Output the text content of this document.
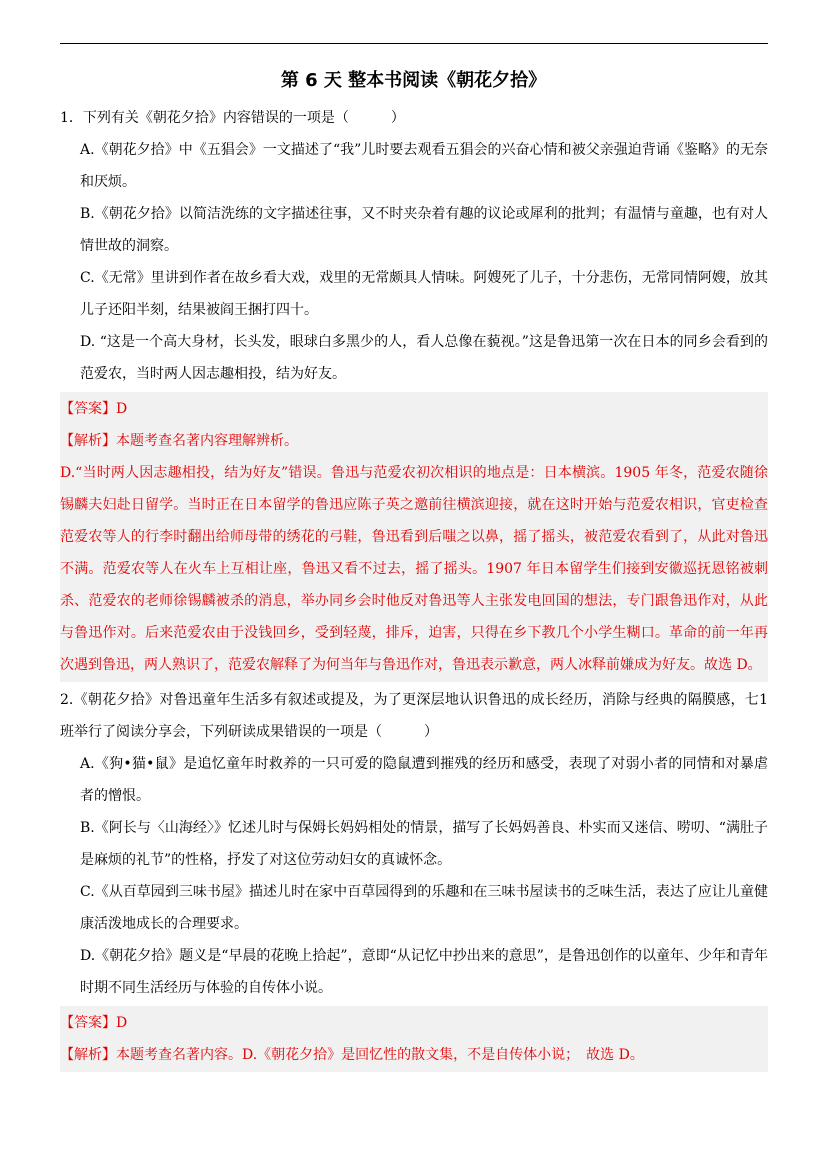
第 6 天 整本书阅读《朝花夕拾》

1．下列有关《朝花夕拾》内容错误的一项是（　　　）

A.《朝花夕拾》中《五猖会》一文描述了“我”儿时要去观看五猖会的兴奋心情和被父亲强迫背诵《鉴略》的无奈和厌烦。

B.《朝花夕拾》以简洁洗练的文字描述往事，又不时夹杂着有趣的议论或犀利的批判；有温情与童趣，也有对人情世故的洞察。

C.《无常》里讲到作者在故乡看大戏，戏里的无常颇具人情味。阿嫂死了儿子，十分悲伤，无常同情阿嫂，放其儿子还阳半刻，结果被阎王捆打四十。

D. “这是一个高大身材，长头发，眼球白多黑少的人，看人总像在藐视。”这是鲁迅第一次在日本的同乡会看到的范爱农，当时两人因志趣相投，结为好友。

【答案】D

【解析】本题考查名著内容理解辨析。

D.“当时两人因志趣相投，结为好友”错误。鲁迅与范爱农初次相识的地点是：日本横滨。1905 年冬，范爱农随徐锡麟夫妇赴日留学。当时正在日本留学的鲁迅应陈子英之邀前往横滨迎接，就在这时开始与范爱农相识，官吏检查范爱农等人的行李时翻出给师母带的绣花的弓鞋，鲁迅看到后嗤之以鼻，摇了摇头，被范爱农看到了，从此对鲁迅不满。范爱农等人在火车上互相让座，鲁迅又看不过去，摇了摇头。1907 年日本留学生们接到安徽巡抚恩铭被刺杀、范爱农的老师徐锡麟被杀的消息，举办同乡会时他反对鲁迅等人主张发电回国的想法，专门跟鲁迅作对，从此与鲁迅作对。后来范爱农由于没钱回乡，受到轻蔑，排斥，迫害，只得在乡下教几个小学生糊口。革命的前一年再次遇到鲁迅，两人熟识了，范爱农解释了为何当年与鲁迅作对，鲁迅表示歉意，两人冰释前嫌成为好友。故选 D。

2.《朝花夕拾》对鲁迅童年生活多有叙述或提及，为了更深层地认识鲁迅的成长经历，消除与经典的隔膜感，七1 班举行了阅读分享会，下列研读成果错误的一项是（　　　）

A.《狗•猫•鼠》是追忆童年时救养的一只可爱的隐鼠遭到摧残的经历和感受，表现了对弱小者的同情和对暴虐者的憎恨。

B.《阿长与〈山海经〉》忆述儿时与保姆长妈妈相处的情景，描写了长妈妈善良、朴实而又迷信、唠叨、“满肚子是麻烦的礼节”的性格，抒发了对这位劳动妇女的真诚怀念。

C.《从百草园到三味书屋》描述儿时在家中百草园得到的乐趣和在三味书屋读书的乏味生活，表达了应让儿童健康活泼地成长的合理要求。

D.《朝花夕拾》题义是“早晨的花晚上拾起”，意即“从记忆中抄出来的意思”，是鲁迅创作的以童年、少年和青年时期不同生活经历与体验的自传体小说。

【答案】D

【解析】本题考查名著内容。D.《朝花夕拾》是回忆性的散文集，不是自传体小说；　故选 D。
